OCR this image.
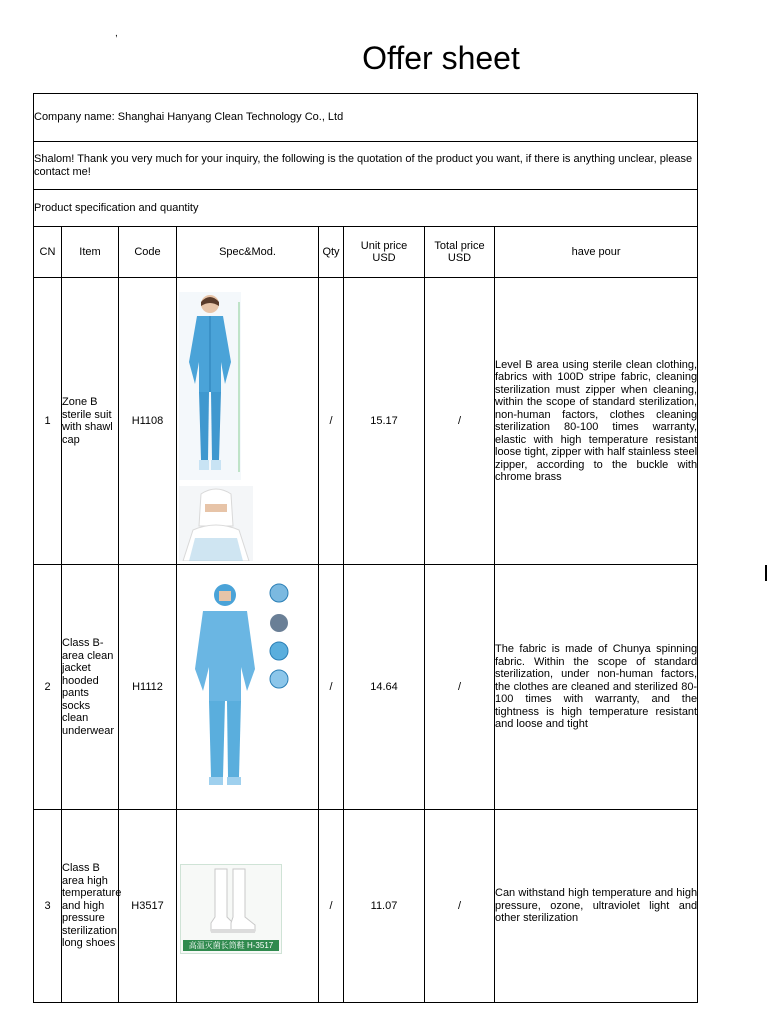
,
Offer sheet
Company name: Shanghai Hanyang Clean Technology Co., Ltd							
Shalom! Thank you very much for your inquiry, the following is the quotation of the product you want, if there is anything unclear, please contact me!							
Product specification and quantity							
CN	Item	Code	Spec&Mod.	Qty	Unit price USD	Total price USD	have pour
1	Zone B sterile suit with shawl cap	H1108		/	15.17	/	Level B area using sterile clean clothing, fabrics with 100D stripe fabric, cleaning sterilization must zipper when cleaning, within the scope of standard sterilization, non-human factors, clothes cleaning sterilization 80-100 times warranty, elastic with high temperature resistant loose tight, zipper with half stainless steel zipper, according to the buckle with chrome brass
2	Class B-area clean jacket hooded pants socks clean underwear	H1112		/	14.64	/	The fabric is made of Chunya spinning fabric. Within the scope of standard sterilization, under non-human factors, the clothes are cleaned and sterilized 80-100 times with warranty, and the tightness is high temperature resistant and loose and tight
3	Class B area high temperature and high pressure sterilization long shoes	H3517	高温灭菌长筒鞋 H-3517	/	11.07	/	Can withstand high temperature and high pressure, ozone, ultraviolet light and other sterilization
